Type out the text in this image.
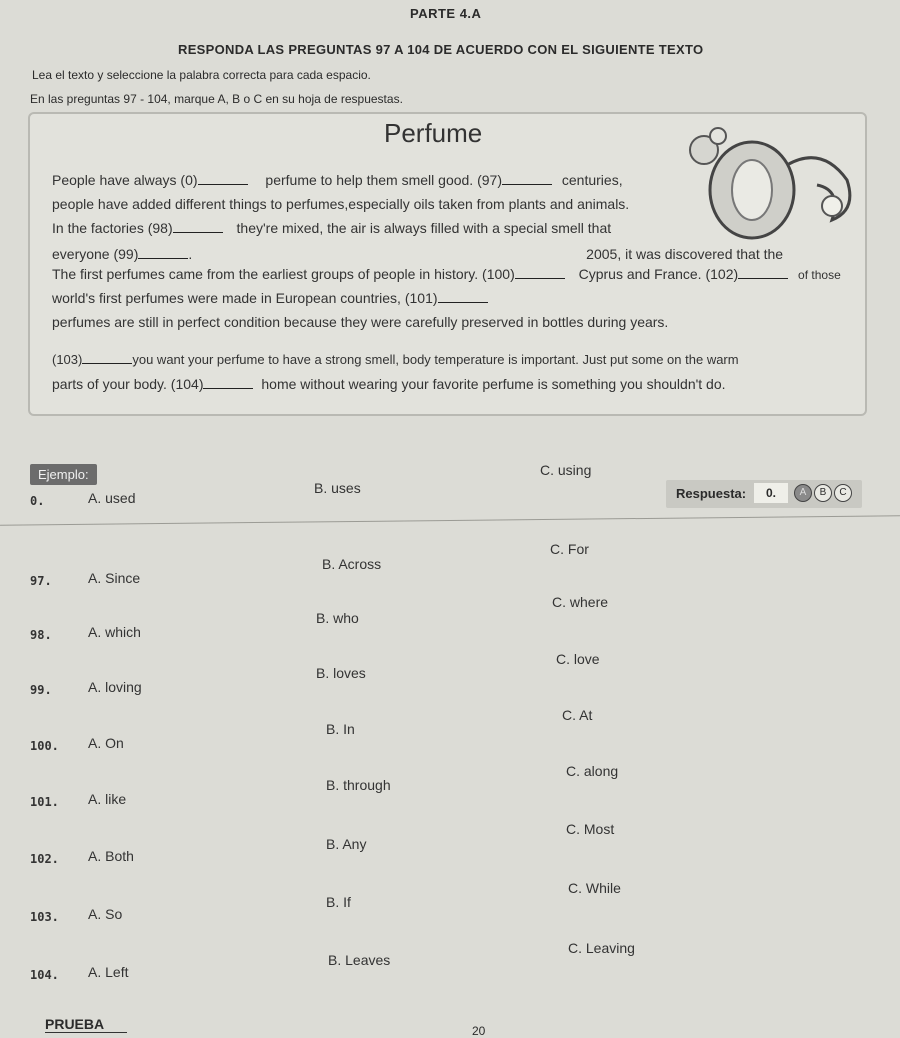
PARTE 4.A
RESPONDA LAS PREGUNTAS 97 A 104 DE ACUERDO CON EL SIGUIENTE TEXTO
Lea el texto y seleccione la palabra correcta para cada espacio.
En las preguntas 97 - 104, marque A, B o C en su hoja de respuestas.
Perfume
People have always (0)	perfume to help them smell good. (97)	centuries,
people have added different things to perfumes,especially oils taken from plants and animals.
In the factories (98)	they're mixed, the air is always filled with a special smell that
everyone (99)	.	2005, it was discovered that the
The first perfumes came from the earliest groups of people in history. (100)	Cyprus and France. (102)	of those
world's first perfumes were made in European countries, (101)
perfumes are still in perfect condition because they were carefully preserved in bottles during years.
(103)	you want your perfume to have a strong smell, body temperature is important. Just put some on the warm
parts of your body. (104)	home without wearing your favorite perfume is something you shouldn't do.
Ejemplo:
0.	A. used
B. uses
C. using
Respuesta:	0.	A	B	C
97.	A. Since
B. Across
C. For
98.	A. which
B. who
C. where
99.	A. loving
B. loves
C. love
100. A. On
B. In
C. At
101. A. like
B. through
C. along
102. A. Both
B. Any
C. Most
103. A. So
B. If
C. While
104. A. Left
B. Leaves
C. Leaving
PRUEBA	20
